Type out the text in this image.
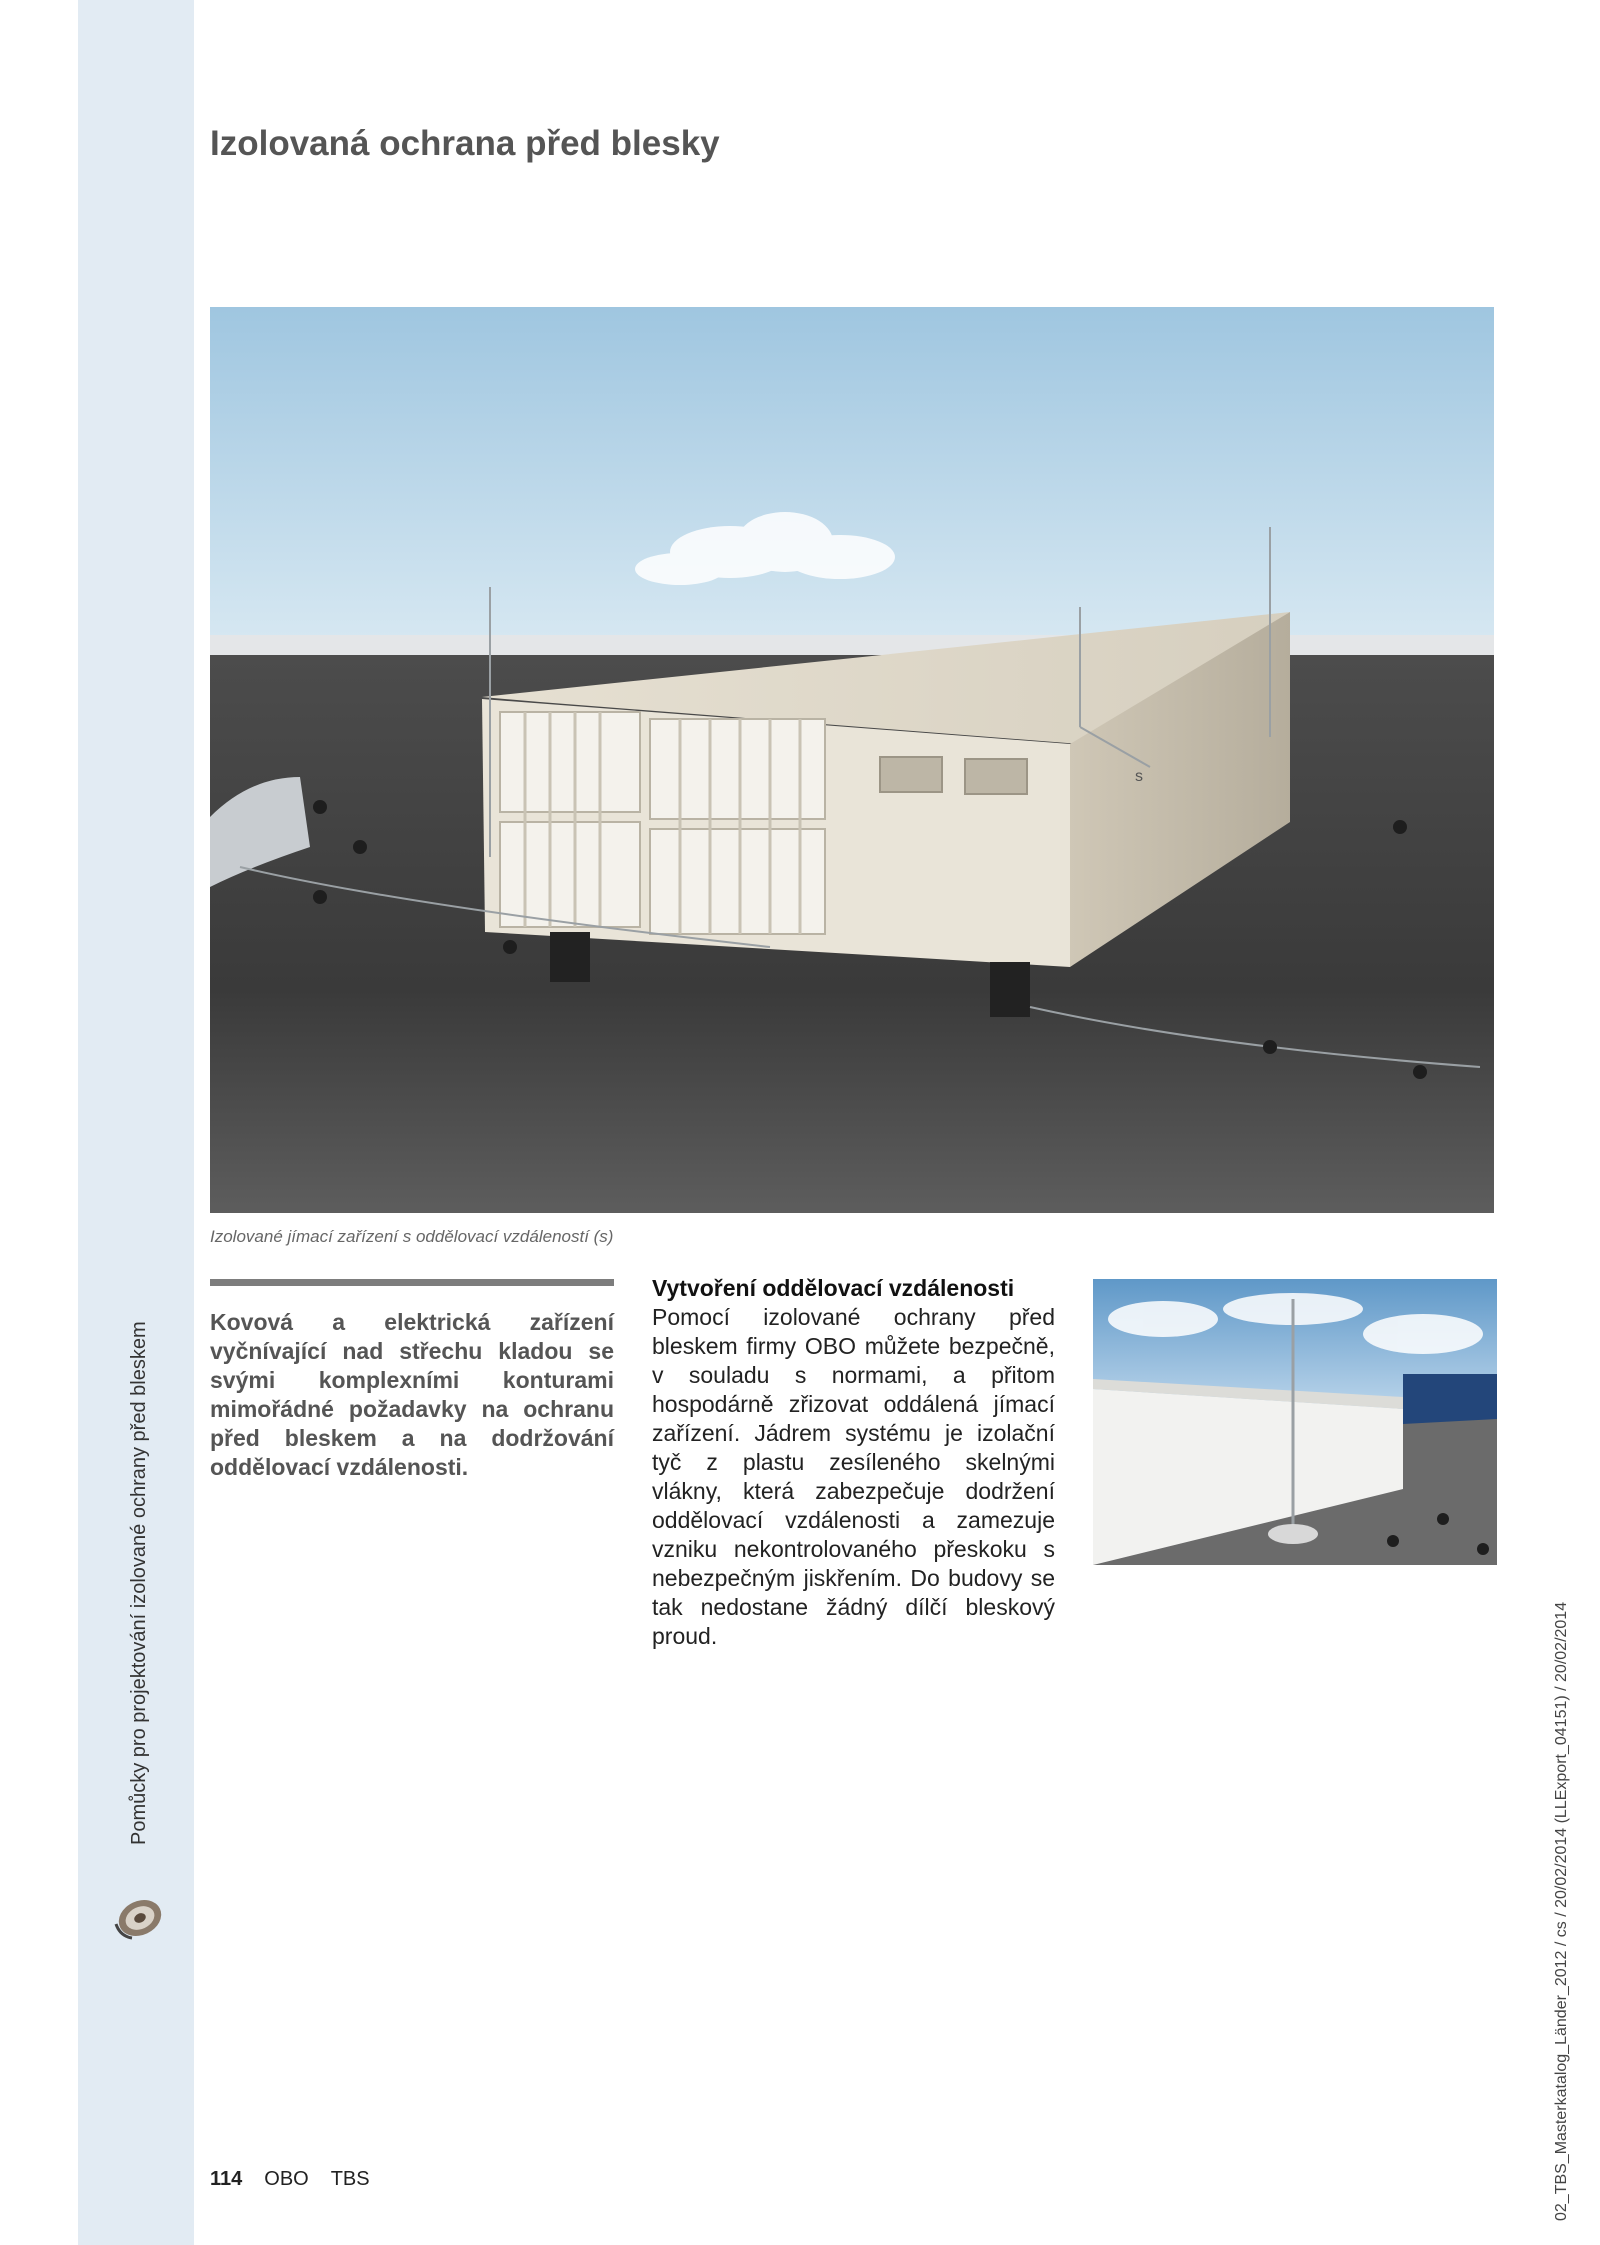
Pomůcky pro projektování izolované ochrany před bleskem
Izolovaná ochrana před blesky
s
Izolované jímací zařízení s oddělovací vzdáleností (s)
Kovová a elektrická zařízení vyčnívající nad střechu kladou se svými komplexními konturami mimořádné požadavky na ochranu před bleskem a na dodržování oddělovací vzdálenosti.
Vytvoření oddělovací vzdálenosti
Pomocí izolované ochrany před bleskem firmy OBO můžete bezpečně, v souladu s normami, a přitom hospodárně zřizovat oddálená jímací zařízení. Jádrem systému je izolační tyč z plastu zesíleného skelnými vlákny, která zabezpečuje dodržení oddělovací vzdálenosti a zamezuje vzniku nekontrolovaného přeskoku s nebezpečným jiskřením. Do budovy se tak nedostane žádný dílčí bleskový proud.	02_TBS_Masterkatalog_Länder_2012 / cs / 20/02/2014 (LLExport_04151) / 20/02/2014
114 OBO TBS
